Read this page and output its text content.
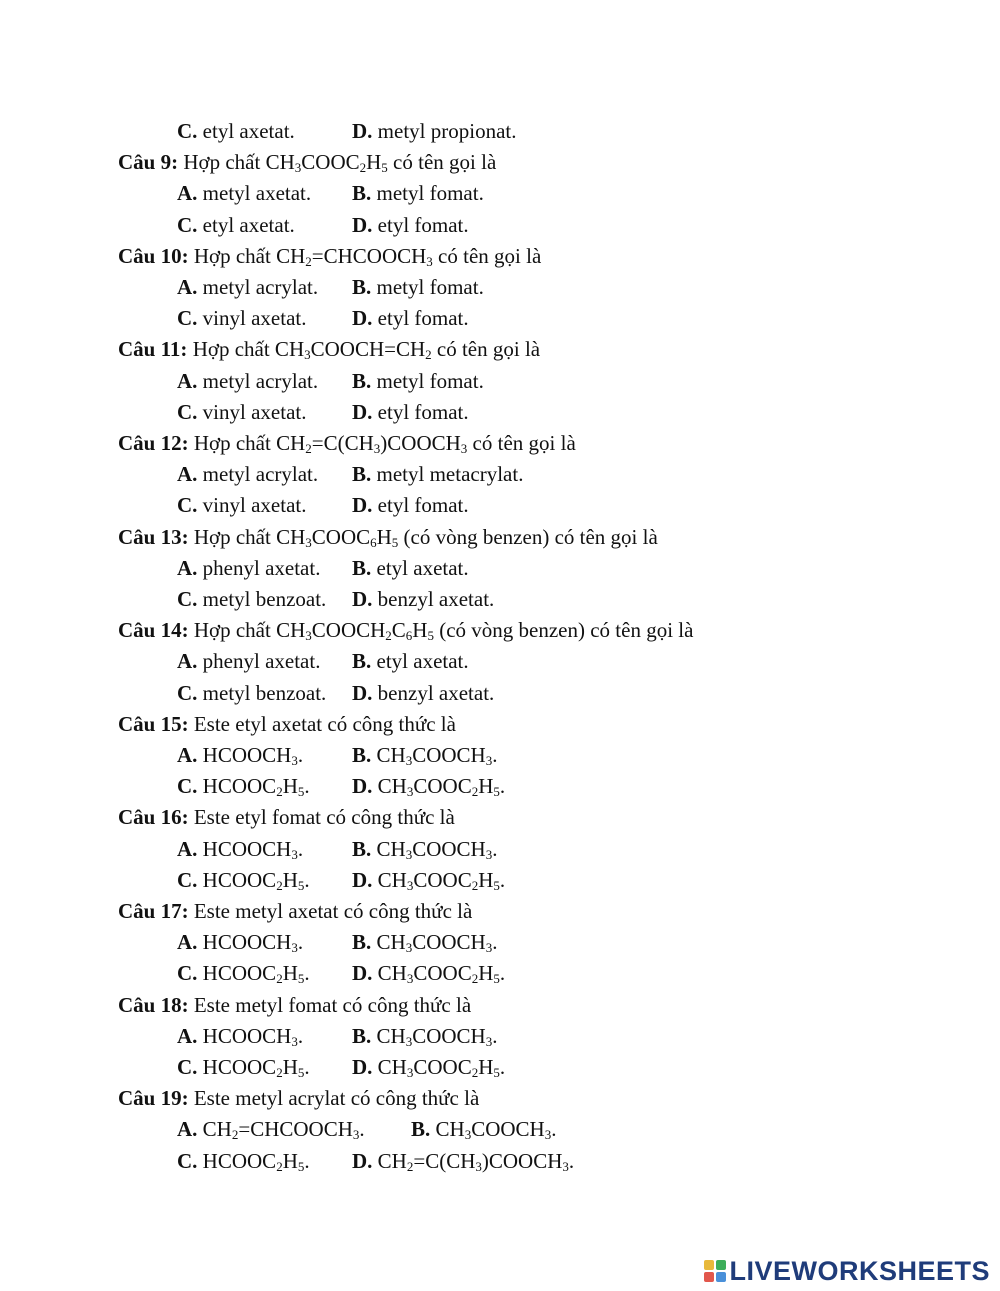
C. etyl axetat.	D. metyl propionat.
Câu 9: Hợp chất $CH_3COOC_2H_5$ có tên gọi là
A. metyl axetat. B. metyl fomat.
C. etyl axetat.	D. etyl fomat.
Câu 10: Hợp chất $CH_2=CHCOOCH_3$ có tên gọi là
A. metyl acrylat. B. metyl fomat.
C. vinyl axetat. D. etyl fomat.
Câu 11: Hợp chất $CH_3COOCH=CH_2$ có tên gọi là
A. metyl acrylat. B. metyl fomat.
C. vinyl axetat. D. etyl fomat.
Câu 12: Hợp chất $CH_2=C(CH_3)COOCH_3$ có tên gọi là
A. metyl acrylat. B. metyl metacrylat.
C. vinyl axetat. D. etyl fomat.
Câu 13: Hợp chất $CH_3COOC_6H_5$ (có vòng benzen) có tên gọi là
A. phenyl axetat. B. etyl axetat.
C. metyl benzoat. D. benzyl axetat.
Câu 14: Hợp chất $CH_3COOCH_2C_6H_5$ (có vòng benzen) có tên gọi là
A. phenyl axetat. B. etyl axetat.
C. metyl benzoat. D. benzyl axetat.
Câu 15: Este etyl axetat có công thức là
A. $HCOOCH_3$. B. $CH_3COOCH_3$.
C. $HCOOC_2H_5$. D. $CH_3COOC_2H_5$.
Câu 16: Este etyl fomat có công thức là
A. $HCOOCH_3$. B. $CH_3COOCH_3$.
C. $HCOOC_2H_5$. D. $CH_3COOC_2H_5$.
Câu 17: Este metyl axetat có công thức là
A. $HCOOCH_3$. B. $CH_3COOCH_3$.
C. $HCOOC_2H_5$. D. $CH_3COOC_2H_5$.
Câu 18: Este metyl fomat có công thức là
A. $HCOOCH_3$. B. $CH_3COOCH_3$.
C. $HCOOC_2H_5$. D. $CH_3COOC_2H_5$.
Câu 19: Este metyl acrylat có công thức là
A. $CH_2=CHCOOCH_3$. B. $CH_3COOCH_3$.
C. $HCOOC_2H_5$. D. $CH_2=C(CH_3)COOCH_3$.
LIVEWORKSHEETS
